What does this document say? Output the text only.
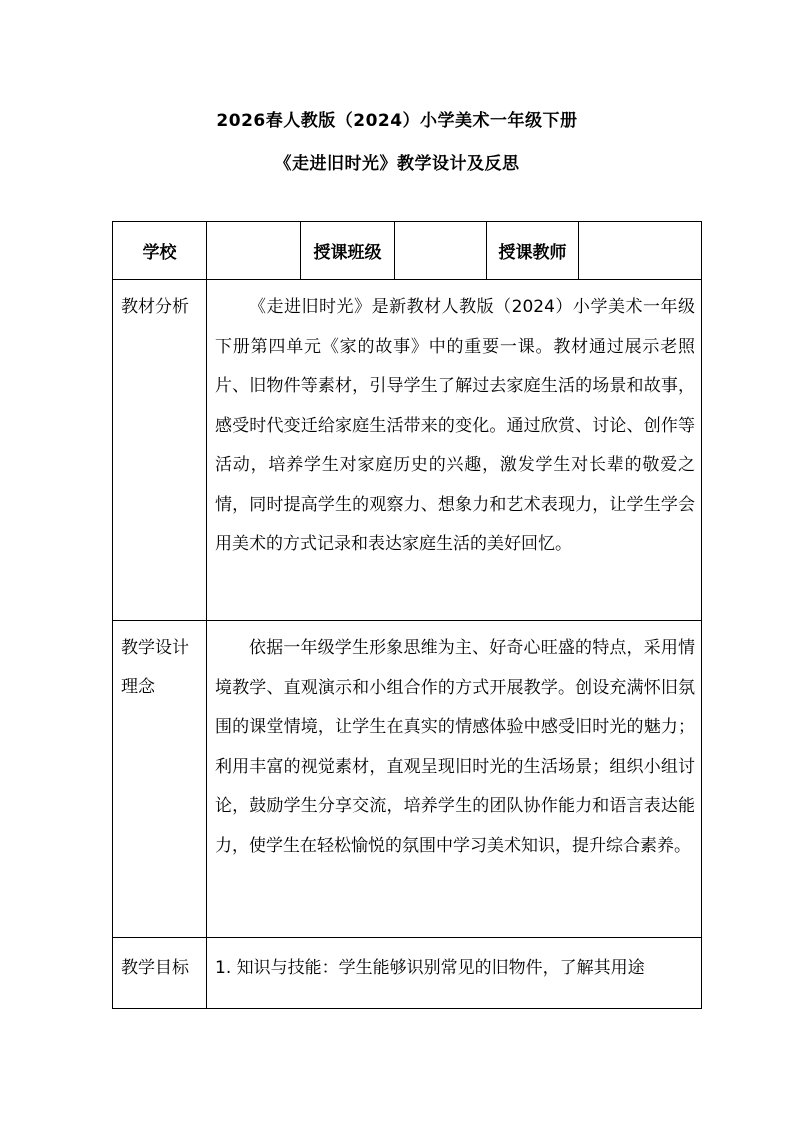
2026春人教版（2024）小学美术一年级下册
《走进旧时光》教学设计及反思
学校		授课班级		授课教师	

教材分析	《走进旧时光》是新教材人教版（2024）小学美术一年级下册第四单元《家的故事》中的重要一课。教材通过展示老照片、旧物件等素材，引导学生了解过去家庭生活的场景和故事，感受时代变迁给家庭生活带来的变化。通过欣赏、讨论、创作等活动，培养学生对家庭历史的兴趣，激发学生对长辈的敬爱之情，同时提高学生的观察力、想象力和艺术表现力，让学生学会用美术的方式记录和表达家庭生活的美好回忆。				

教学设计理念	依据一年级学生形象思维为主、好奇心旺盛的特点，采用情境教学、直观演示和小组合作的方式开展教学。创设充满怀旧氛围的课堂情境，让学生在真实的情感体验中感受旧时光的魅力；利用丰富的视觉素材，直观呈现旧时光的生活场景；组织小组讨论，鼓励学生分享交流，培养学生的团队协作能力和语言表达能力，使学生在轻松愉悦的氛围中学习美术知识，提升综合素养。				

教学目标	1. 知识与技能：学生能够识别常见的旧物件，了解其用途				
